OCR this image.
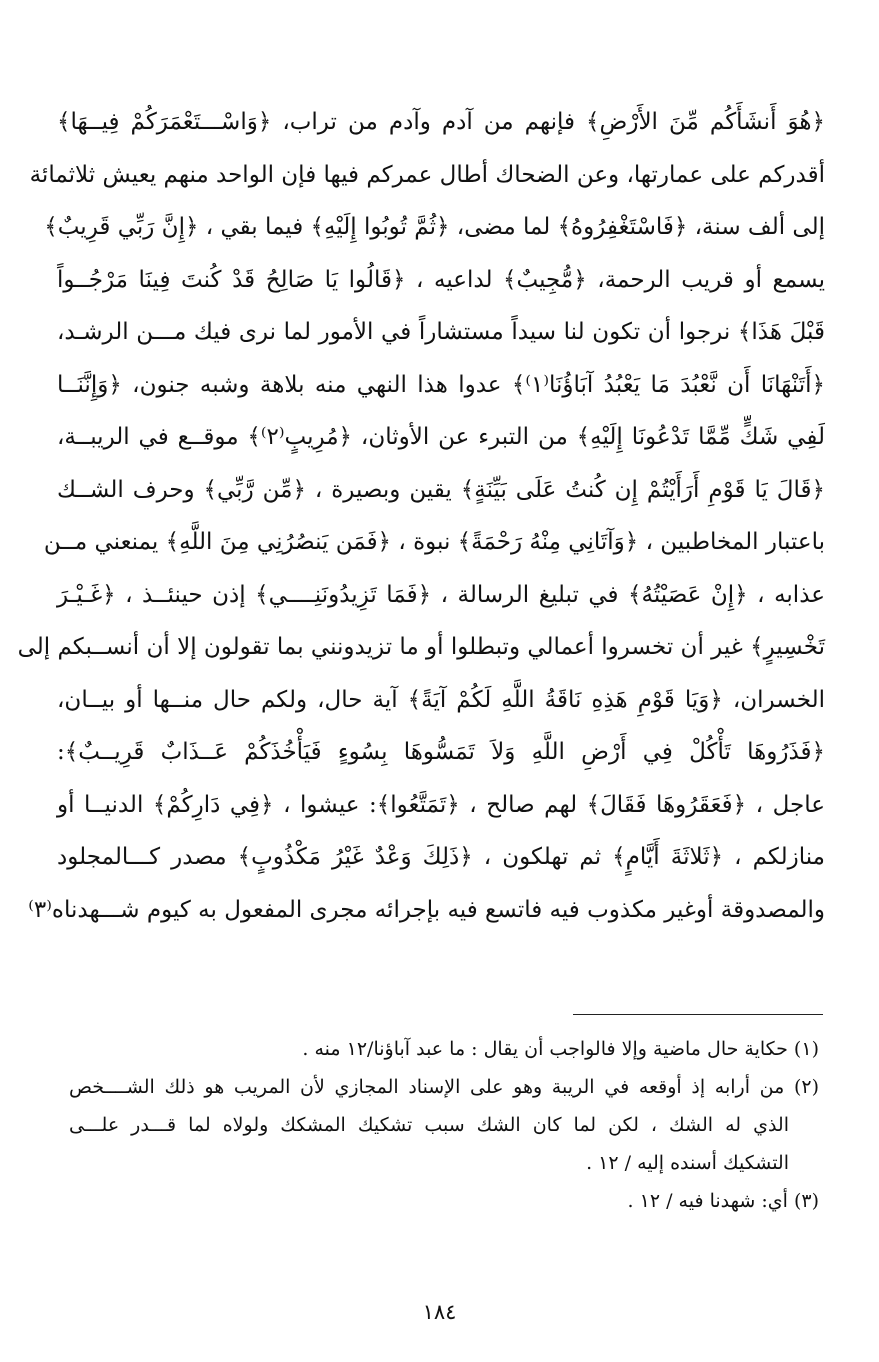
﴿هُوَ أَنشَأَكُم مِّنَ الأَرْضِ﴾ فإنهم من آدم وآدم من تراب، ﴿وَاسْـــتَعْمَرَكُمْ فِيــهَا﴾
أقدركم على عمارتها، وعن الضحاك أطال عمركم فيها فإن الواحد منهم يعيش ثلاثمائة
إلى ألف سنة، ﴿فَاسْتَغْفِرُوهُ﴾ لما مضى، ﴿ثُمَّ تُوبُوا إِلَيْهِ﴾ فيما بقي ، ﴿إِنَّ رَبِّي قَرِيبٌ﴾
يسمع أو قريب الرحمة، ﴿مُّجِيبٌ﴾ لداعيه ، ﴿قَالُوا يَا صَالِحُ قَدْ كُنتَ فِينَا مَرْجُــواً
قَبْلَ هَذَا﴾ نرجوا أن تكون لنا سيداً مستشاراً في الأمور لما نرى فيك مـــن الرشـد،
﴿أَتَنْهَانَا أَن نَّعْبُدَ مَا يَعْبُدُ آبَاؤُنَا⁽١⁾﴾ عدوا هذا النهي منه بلاهة وشبه جنون، ﴿وَإِنَّنَــا
لَفِي شَكٍّ مِّمَّا تَدْعُونَا إِلَيْهِ﴾ من التبرء عن الأوثان، ﴿مُرِيبٍ⁽٢⁾﴾ موقــع في الريبــة،
﴿قَالَ يَا قَوْمِ أَرَأَيْتُمْ إِن كُنتُ عَلَى بَيِّنَةٍ﴾ يقين وبصيرة ، ﴿مِّن رَّبِّي﴾ وحرف الشــك
باعتبار المخاطبين ، ﴿وَآتَانِي مِنْهُ رَحْمَةً﴾ نبوة ، ﴿فَمَن يَنصُرُنِي مِنَ اللَّهِ﴾ يمنعني مــن
عذابه ، ﴿إِنْ عَصَيْتُهُ﴾ في تبليغ الرسالة ، ﴿فَمَا تَزِيدُونَنِــــي﴾ إذن حينئــذ ، ﴿غَـيْـرَ
تَخْسِيرٍ﴾ غير أن تخسروا أعمالي وتبطلوا أو ما تزيدونني بما تقولون إلا أن أنســبكم إلى
الخسران، ﴿وَيَا قَوْمِ هَذِهِ نَاقَةُ اللَّهِ لَكُمْ آيَةً﴾ آية حال، ولكم حال منــها أو بيــان،
﴿فَذَرُوهَا تَأْكُلْ فِي أَرْضِ اللَّهِ وَلاَ تَمَسُّوهَا بِسُوءٍ فَيَأْخُذَكُمْ عَــذَابٌ قَرِيــبٌ﴾:
عاجل ، ﴿فَعَقَرُوهَا فَقَالَ﴾ لهم صالح ، ﴿تَمَتَّعُوا﴾: عيشوا ، ﴿فِي دَارِكُمْ﴾ الدنيــا أو
منازلكم ، ﴿ثَلاثَةَ أَيَّامٍ﴾ ثم تهلكون ، ﴿ذَلِكَ وَعْدٌ غَيْرُ مَكْذُوبٍ﴾ مصدر كـــالمجلود
والمصدوقة أوغير مكذوب فيه فاتسع فيه بإجرائه مجرى المفعول به كيوم شـــهدناه⁽٣⁾

(١) حكاية حال ماضية وإلا فالواجب أن يقال : ما عبد آباؤنا/١٢ منه .

(٢) من أرابه إذ أوقعه في الريبة وهو على الإسناد المجازي لأن المريب هو ذلك الشــــخص
الذي له الشك ، لكن لما كان الشك سبب تشكيك المشكك ولولاه لما قـــدر علـــى
التشكيك أسنده إليه / ١٢ .

(٣) أي: شهدنا فيه / ١٢ .

١٨٤
